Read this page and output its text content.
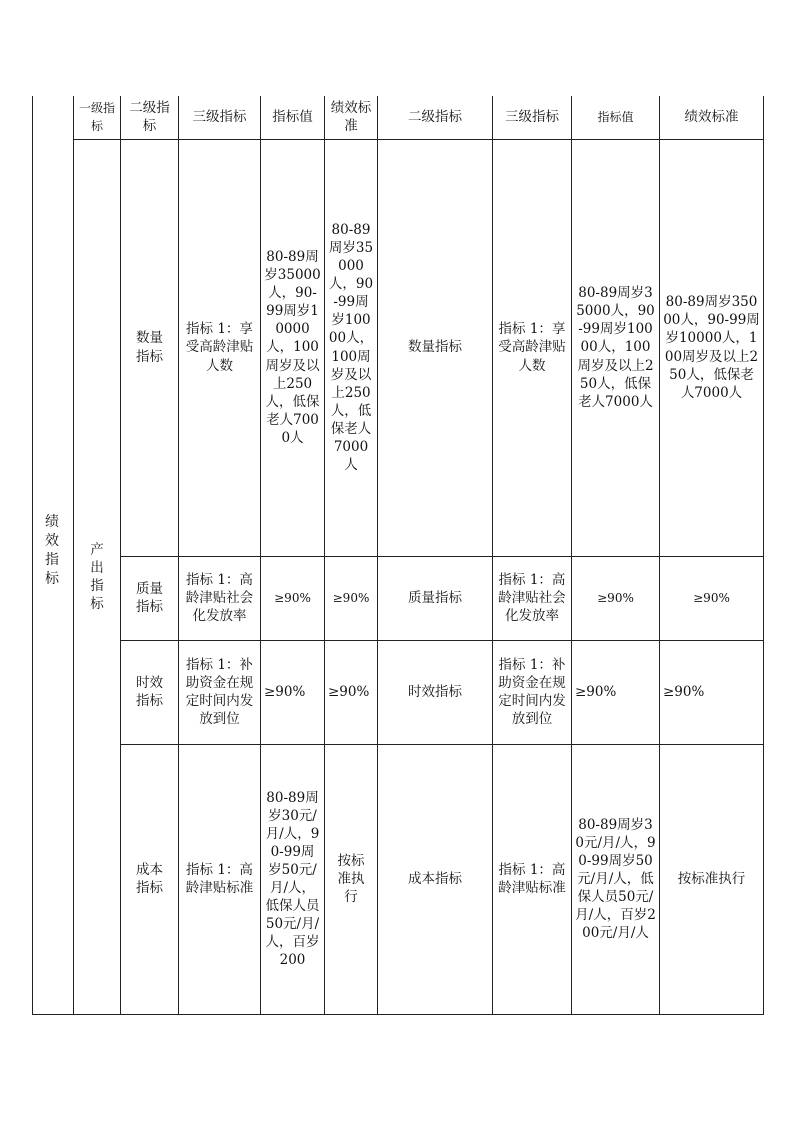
	一级指标	二级指标	三级指标	指标值	绩效标准	二级指标	三级指标	指标值	绩效标准
	产出指标	数量指标	指标 1：享受高龄津贴人数	80-89周岁35000人，90-99周岁10000人，100周岁及以上250人，低保老人7000人	80-89周岁35000人，90-99周岁10000人，100周岁及以上250人，低保老人7000人	数量指标	指标 1：享受高龄津贴人数	80-89周岁35000人，90-99周岁10000人，100周岁及以上250人，低保老人7000人	80-89周岁35000人，90-99周岁10000人，100周岁及以上250人，低保老人7000人
		质量指标	指标 1：高龄津贴社会化发放率	≥90%	≥90%	质量指标	指标 1：高龄津贴社会化发放率	≥90%	≥90%
		时效指标	指标 1：补助资金在规定时间内发放到位	≥90%	≥90%	时效指标	指标 1：补助资金在规定时间内发放到位	≥90%	≥90%
		成本指标	指标 1：高龄津贴标准	80-89周岁30元/月/人，90-99周岁50元/月/人，低保人员50元/月/人，百岁200	按标准执行	成本指标	指标 1：高龄津贴标准	80-89周岁30元/月/人，90-99周岁50元/月/人，低保人员50元/月/人，百岁200元/月/人	按标准执行
绩效指标
